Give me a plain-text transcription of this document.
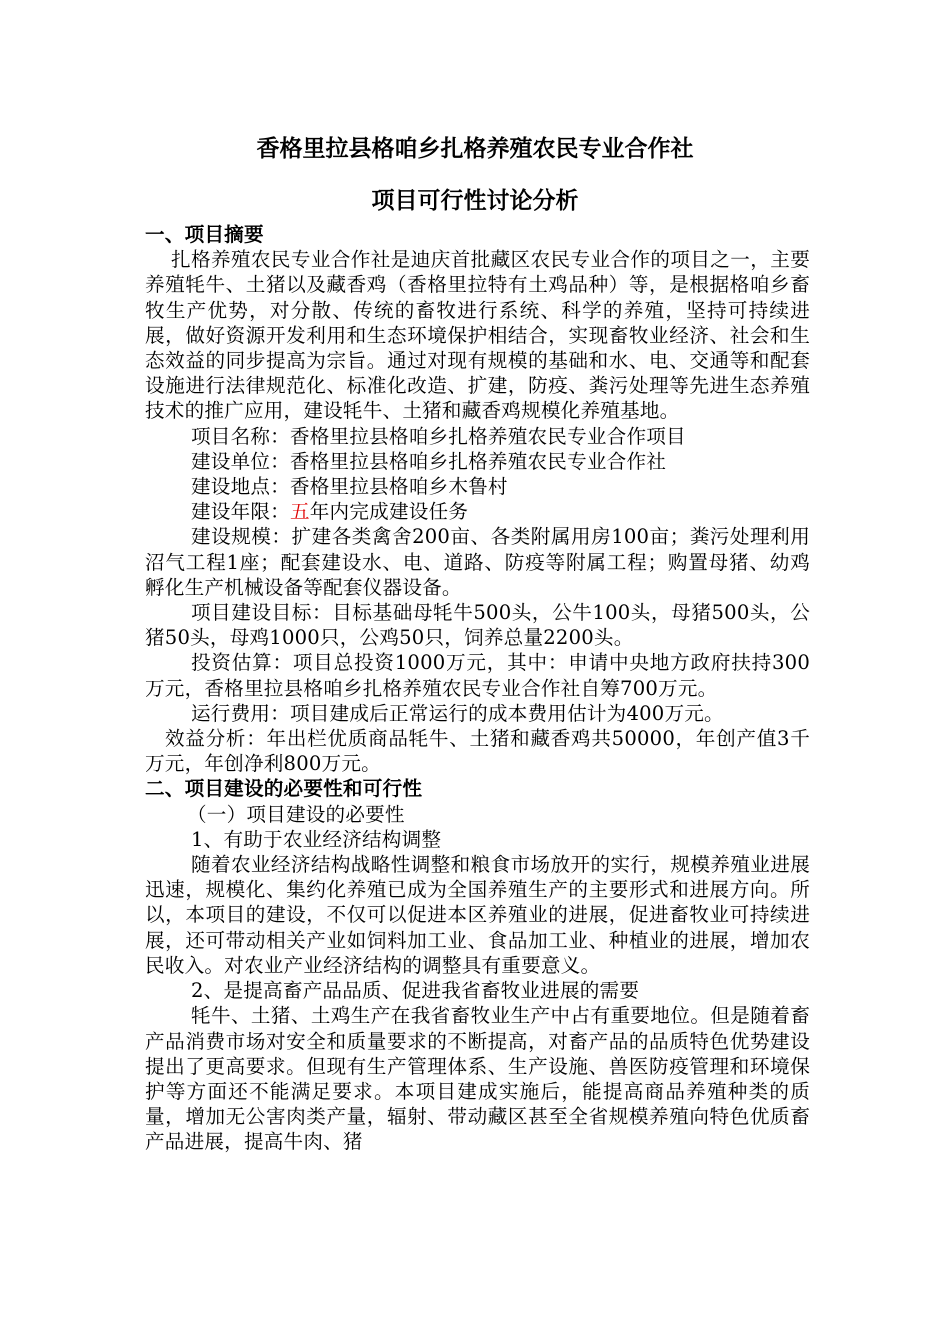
香格里拉县格咱乡扎格养殖农民专业合作社
项目可行性讨论分析

一、项目摘要

扎格养殖农民专业合作社是迪庆首批藏区农民专业合作的项目之一，主要养殖牦牛、土猪以及藏香鸡（香格里拉特有土鸡品种）等，是根据格咱乡畜牧生产优势，对分散、传统的畜牧进行系统、科学的养殖，坚持可持续进展，做好资源开发利用和生态环境保护相结合，实现畜牧业经济、社会和生态效益的同步提高为宗旨。通过对现有规模的基础和水、电、交通等和配套设施进行法律规范化、标准化改造、扩建，防疫、粪污处理等先进生态养殖技术的推广应用，建设牦牛、土猪和藏香鸡规模化养殖基地。

项目名称：香格里拉县格咱乡扎格养殖农民专业合作项目

建设单位：香格里拉县格咱乡扎格养殖农民专业合作社

建设地点：香格里拉县格咱乡木鲁村

建设年限：五年内完成建设任务

建设规模：扩建各类禽舍200亩、各类附属用房100亩；粪污处理利用沼气工程1座；配套建设水、电、道路、防疫等附属工程；购置母猪、幼鸡孵化生产机械设备等配套仪器设备。

项目建设目标：目标基础母牦牛500头，公牛100头，母猪500头，公猪50头，母鸡1000只，公鸡50只，饲养总量2200头。

投资估算：项目总投资1000万元，其中：申请中央地方政府扶持300万元，香格里拉县格咱乡扎格养殖农民专业合作社自筹700万元。

运行费用：项目建成后正常运行的成本费用估计为400万元。

效益分析：年出栏优质商品牦牛、土猪和藏香鸡共50000，年创产值3千万元，年创净利800万元。

二、项目建设的必要性和可行性

（一）项目建设的必要性

1、有助于农业经济结构调整

随着农业经济结构战略性调整和粮食市场放开的实行，规模养殖业进展迅速，规模化、集约化养殖已成为全国养殖生产的主要形式和进展方向。所以，本项目的建设，不仅可以促进本区养殖业的进展，促进畜牧业可持续进展，还可带动相关产业如饲料加工业、食品加工业、种植业的进展，增加农民收入。对农业产业经济结构的调整具有重要意义。

2、是提高畜产品品质、促进我省畜牧业进展的需要

牦牛、土猪、土鸡生产在我省畜牧业生产中占有重要地位。但是随着畜产品消费市场对安全和质量要求的不断提高，对畜产品的品质特色优势建设提出了更高要求。但现有生产管理体系、生产设施、兽医防疫管理和环境保护等方面还不能满足要求。本项目建成实施后，能提高商品养殖种类的质量，增加无公害肉类产量，辐射、带动藏区甚至全省规模养殖向特色优质畜产品进展，提高牛肉、猪
